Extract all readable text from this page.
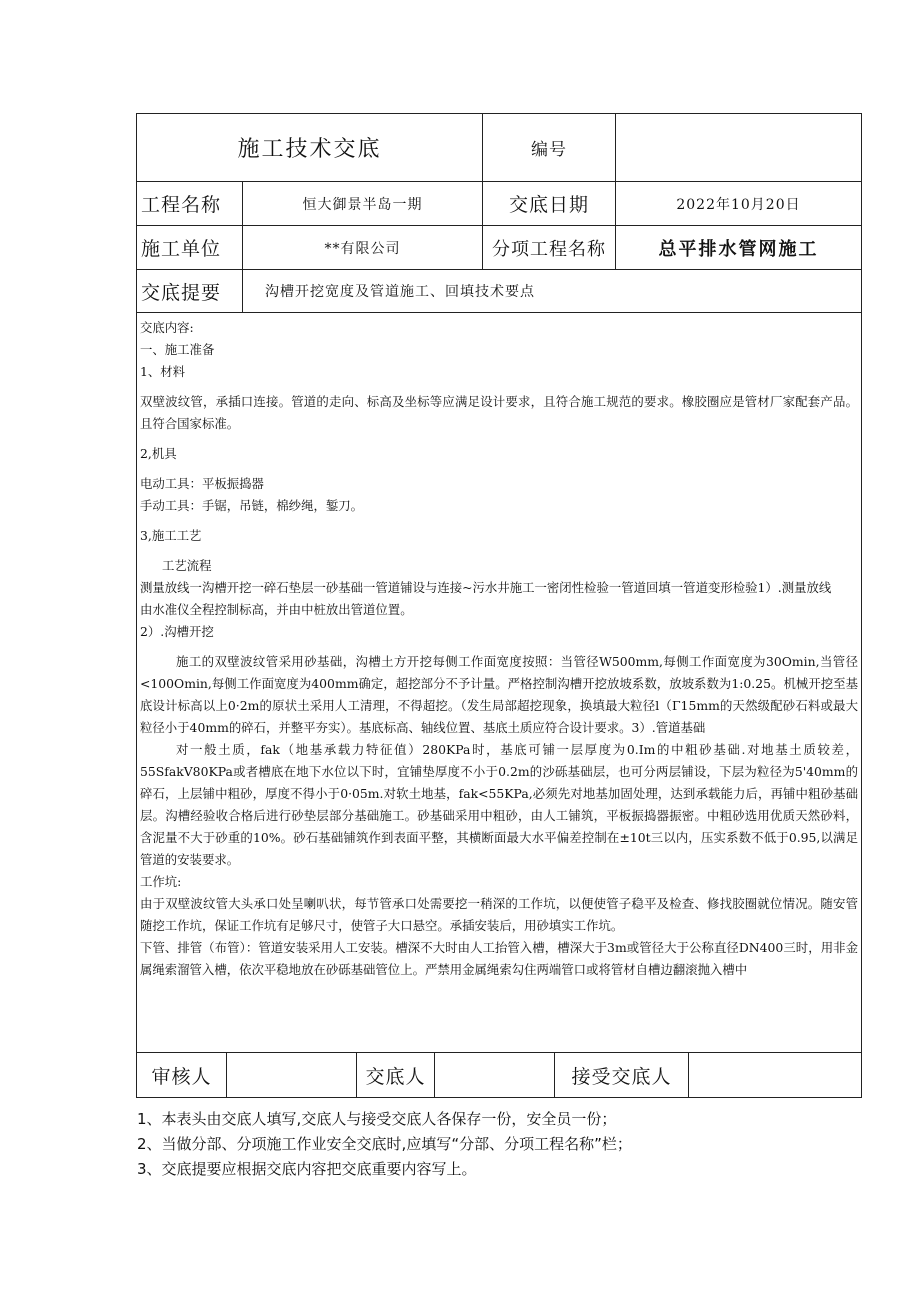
施工技术交底	编号
工程名称	恒大御景半岛一期	交底日期	2022年10月20日
施工单位	**有限公司	分项工程名称	总平排水管网施工
交底提要	沟槽开挖宽度及管道施工、回填技术要点

交底内容:

一、施工准备

1、材料

双壁波纹管，承插口连接。管道的走向、标高及坐标等应满足设计要求，且符合施工规范的要求。橡胶圈应是管材厂家配套产品。且符合国家标准。

2,机具

电动工具：平板振捣器

手动工具：手锯，吊链，棉纱绳，錾刀。

3,施工工艺

工艺流程

测量放线一沟槽开挖一碎石垫层一砂基础一管道铺设与连接~污水井施工一密闭性检验一管道回填一管道变形检验1）.测量放线

由水准仪全程控制标高，并由中桩放出管道位置。

2）.沟槽开挖

施工的双壁波纹管采用砂基础，沟槽土方开挖每侧工作面宽度按照：当管径W500mm,每侧工作面宽度为30Omin,当管径<100Omin,每侧工作面宽度为400mm确定，超挖部分不予计量。严格控制沟槽开挖放坡系数，放坡系数为1:0.25。机械开挖至基底设计标高以上0·2m的原状土采用人工清理，不得超挖。（发生局部超挖现象，换填最大粒径l（Γ15mm的天然级配砂石料或最大粒径小于40mm的碎石，并整平夯实）。基底标高、轴线位置、基底土质应符合设计要求。3）.管道基础

对一般土质，fak（地基承载力特征值）280KPa时，基底可铺一层厚度为0.Im的中粗砂基础.对地基土质较差，55SfakV80KPa或者槽底在地下水位以下时，宜铺垫厚度不小于0.2m的沙砾基础层，也可分两层铺设，下层为粒径为5'40mm的碎石，上层铺中粗砂，厚度不得小于0·05m.对软土地基，fak<55KPa,必须先对地基加固处理，达到承载能力后，再铺中粗砂基础层。沟槽经验收合格后进行砂垫层部分基础施工。砂基础采用中粗砂，由人工铺筑，平板振捣器振密。中粗砂选用优质天然砂料，含泥量不大于砂重的10%。砂石基础铺筑作到表面平整，其横断面最大水平偏差控制在±10t三以内，压实系数不低于0.95,以满足管道的安装要求。

工作坑:

由于双壁波纹管大头承口处呈喇叭状，每节管承口处需要挖一稍深的工作坑，以便使管子稳平及检查、修找胶圈就位情况。随安管随挖工作坑，保证工作坑有足够尺寸，使管子大口悬空。承插安装后，用砂填实工作坑。

下管、排管（布管）：管道安装采用人工安装。槽深不大时由人工抬管入槽，槽深大于3m或管径大于公称直径DN400三时，用非金属绳索溜管入槽，依次平稳地放在砂砾基础管位上。严禁用金属绳索勾住两端管口或将管材自槽边翻滚抛入槽中

审核人	交底人	接受交底人

1、本表头由交底人填写,交底人与接受交底人各保存一份，安全员一份；

2、当做分部、分项施工作业安全交底时,应填写“分部、分项工程名称”栏；

3、交底提要应根据交底内容把交底重要内容写上。
